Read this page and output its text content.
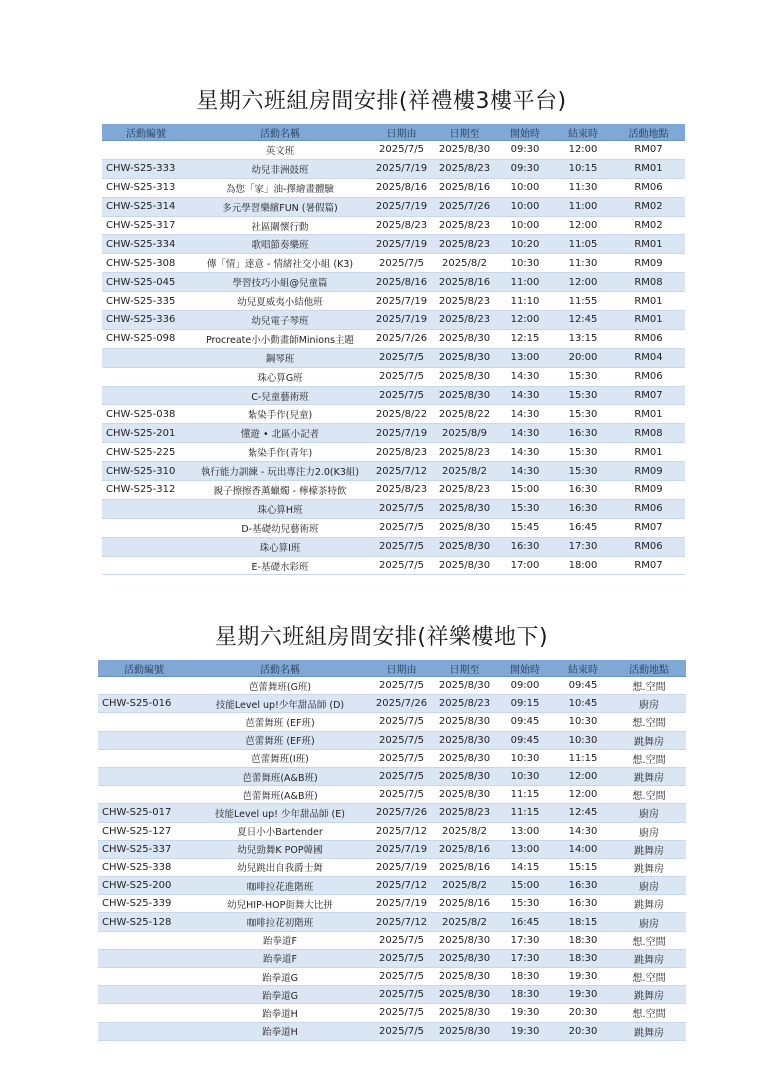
星期六班組房間安排(祥禮樓3樓平台)
活動編號	活動名稱	日期由	日期至	開始時	結束時	活動地點
	英文班	2025/7/5	2025/8/30	09:30	12:00	RM07
CHW-S25-333	幼兒非洲鼓班	2025/7/19	2025/8/23	09:30	10:15	RM01
CHW-S25-313	為您「家」油-擇繪畫體驗	2025/8/16	2025/8/16	10:00	11:30	RM06
CHW-S25-314	多元學習樂繽FUN (暑假篇)	2025/7/19	2025/7/26	10:00	11:00	RM02
CHW-S25-317	社區關懷行動	2025/8/23	2025/8/23	10:00	12:00	RM02
CHW-S25-334	歌唱節奏樂班	2025/7/19	2025/8/23	10:20	11:05	RM01
CHW-S25-308	傳「情」達意 - 情緒社交小組 (K3)	2025/7/5	2025/8/2	10:30	11:30	RM09
CHW-S25-045	學習技巧小組@兒童篇	2025/8/16	2025/8/16	11:00	12:00	RM08
CHW-S25-335	幼兒夏威夷小結他班	2025/7/19	2025/8/23	11:10	11:55	RM01
CHW-S25-336	幼兒電子琴班	2025/7/19	2025/8/23	12:00	12:45	RM01
CHW-S25-098	Procreate小小動畫師Minions主題	2025/7/26	2025/8/30	12:15	13:15	RM06
	鋼琴班	2025/7/5	2025/8/30	13:00	20:00	RM04
	珠心算G班	2025/7/5	2025/8/30	14:30	15:30	RM06
	C-兒童藝術班	2025/7/5	2025/8/30	14:30	15:30	RM07
CHW-S25-038	紮染手作(兒童)	2025/8/22	2025/8/22	14:30	15:30	RM01
CHW-S25-201	懂遊 • 北區小記者	2025/7/19	2025/8/9	14:30	16:30	RM08
CHW-S25-225	紮染手作(青年)	2025/8/23	2025/8/23	14:30	15:30	RM01
CHW-S25-310	執行能力訓練 - 玩出專注力2.0(K3組)	2025/7/12	2025/8/2	14:30	15:30	RM09
CHW-S25-312	親子擦擦香薰蠟燭 - 檸檬茶特飲	2025/8/23	2025/8/23	15:00	16:30	RM09
	珠心算H班	2025/7/5	2025/8/30	15:30	16:30	RM06
	D-基礎幼兒藝術班	2025/7/5	2025/8/30	15:45	16:45	RM07
	珠心算I班	2025/7/5	2025/8/30	16:30	17:30	RM06
	E-基礎水彩班	2025/7/5	2025/8/30	17:00	18:00	RM07
星期六班組房間安排(祥樂樓地下)
活動編號	活動名稱	日期由	日期至	開始時	結束時	活動地點
	芭蕾舞班(G班)	2025/7/5	2025/8/30	09:00	09:45	想.空間
CHW-S25-016	技能Level up!少年甜品師 (D)	2025/7/26	2025/8/23	09:15	10:45	廚房
	芭蕾舞班 (EF班)	2025/7/5	2025/8/30	09:45	10:30	想.空間
	芭蕾舞班 (EF班)	2025/7/5	2025/8/30	09:45	10:30	跳舞房
	芭蕾舞班(I班)	2025/7/5	2025/8/30	10:30	11:15	想.空間
	芭蕾舞班(A&B班)	2025/7/5	2025/8/30	10:30	12:00	跳舞房
	芭蕾舞班(A&B班)	2025/7/5	2025/8/30	11:15	12:00	想.空間
CHW-S25-017	技能Level up! 少年甜品師 (E)	2025/7/26	2025/8/23	11:15	12:45	廚房
CHW-S25-127	夏日小小Bartender	2025/7/12	2025/8/2	13:00	14:30	廚房
CHW-S25-337	幼兒勁舞K POP韓國	2025/7/19	2025/8/16	13:00	14:00	跳舞房
CHW-S25-338	幼兒跳出自我爵士舞	2025/7/19	2025/8/16	14:15	15:15	跳舞房
CHW-S25-200	咖啡拉花進階班	2025/7/12	2025/8/2	15:00	16:30	廚房
CHW-S25-339	幼兒HIP-HOP街舞大比拼	2025/7/19	2025/8/16	15:30	16:30	跳舞房
CHW-S25-128	咖啡拉花初階班	2025/7/12	2025/8/2	16:45	18:15	廚房
	跆拳道F	2025/7/5	2025/8/30	17:30	18:30	想.空間
	跆拳道F	2025/7/5	2025/8/30	17:30	18:30	跳舞房
	跆拳道G	2025/7/5	2025/8/30	18:30	19:30	想.空間
	跆拳道G	2025/7/5	2025/8/30	18:30	19:30	跳舞房
	跆拳道H	2025/7/5	2025/8/30	19:30	20:30	想.空間
	跆拳道H	2025/7/5	2025/8/30	19:30	20:30	跳舞房
